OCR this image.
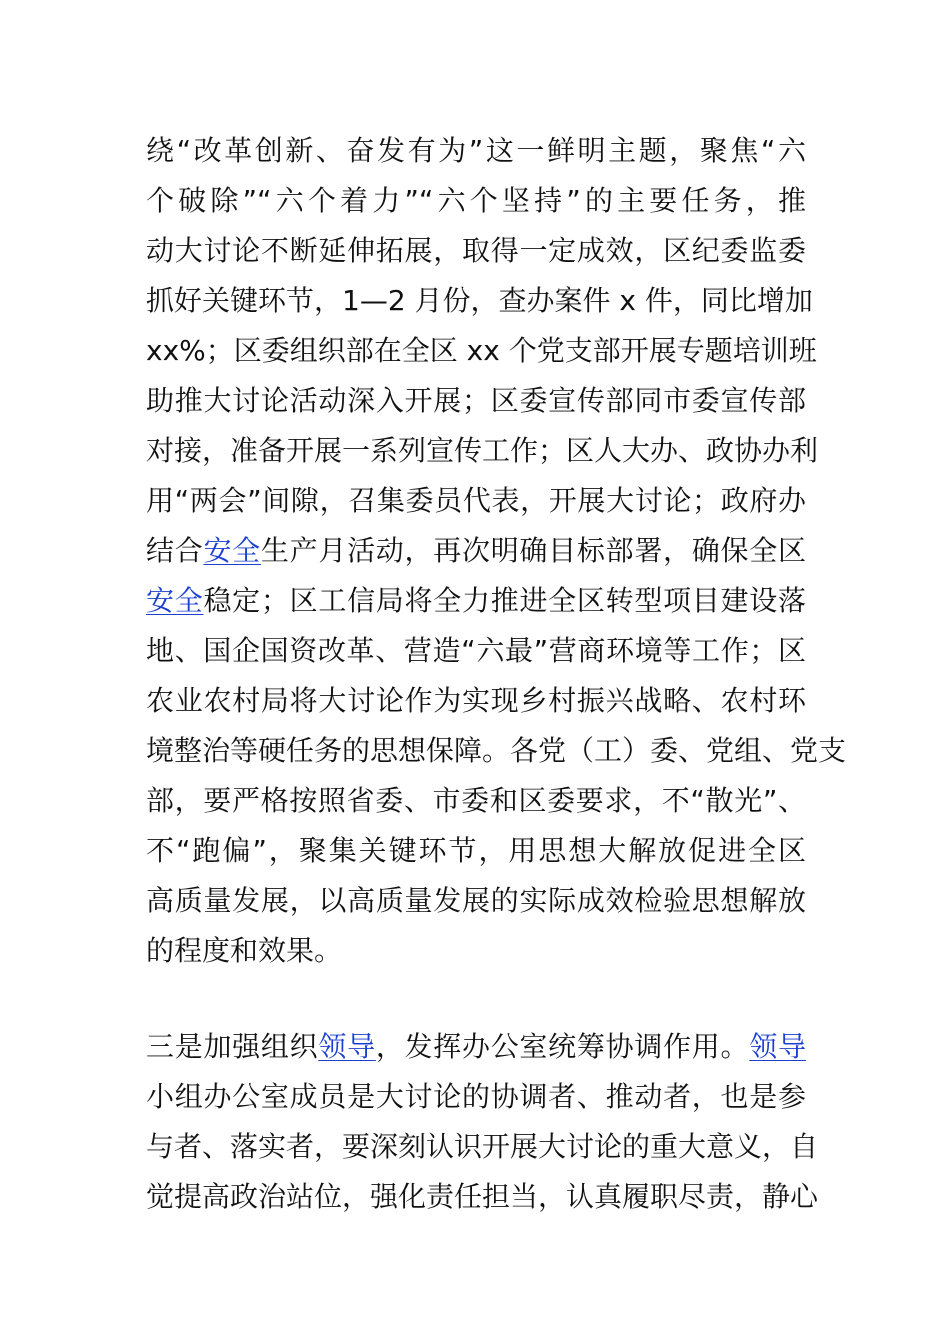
绕“改革创新、奋发有为”这一鲜明主题，聚焦“六
个破除”“六个着力”“六个坚持”的主要任务，推
动大讨论不断延伸拓展，取得一定成效，区纪委监委
抓好关键环节，1—2 月份，查办案件 x 件，同比增加
xx%；区委组织部在全区 xx 个党支部开展专题培训班
助推大讨论活动深入开展；区委宣传部同市委宣传部
对接，准备开展一系列宣传工作；区人大办、政协办利
用“两会”间隙，召集委员代表，开展大讨论；政府办
结合安全生产月活动，再次明确目标部署，确保全区
安全稳定；区工信局将全力推进全区转型项目建设落
地、国企国资改革、营造“六最”营商环境等工作；区
农业农村局将大讨论作为实现乡村振兴战略、农村环
境整治等硬任务的思想保障。各党（工）委、党组、党支
部，要严格按照省委、市委和区委要求，不“散光”、
不“跑偏”，聚集关键环节，用思想大解放促进全区
高质量发展，以高质量发展的实际成效检验思想解放
的程度和效果。
三是加强组织领导，发挥办公室统筹协调作用。领导
小组办公室成员是大讨论的协调者、推动者，也是参
与者、落实者，要深刻认识开展大讨论的重大意义，自
觉提高政治站位，强化责任担当，认真履职尽责，静心
